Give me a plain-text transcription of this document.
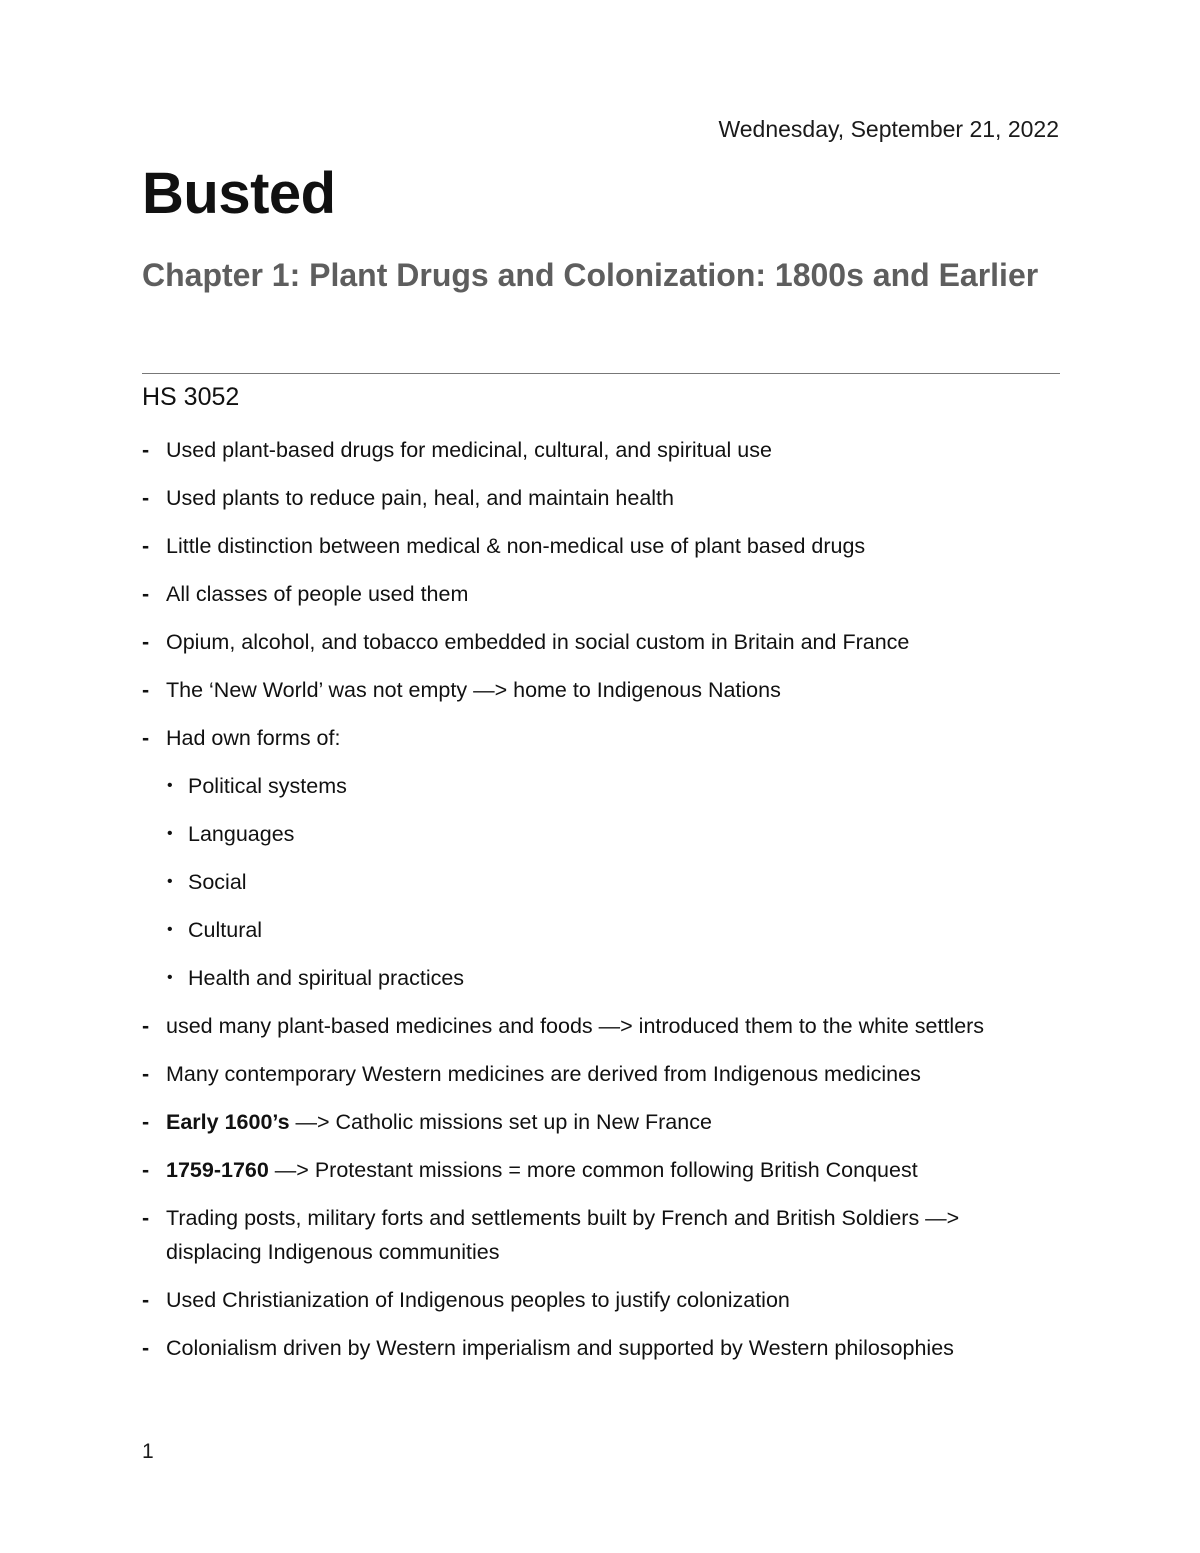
Wednesday, September 21, 2022
Busted
Chapter 1: Plant Drugs and Colonization: 1800s and Earlier
HS 3052
- Used plant-based drugs for medicinal, cultural, and spiritual use
- Used plants to reduce pain, heal, and maintain health
- Little distinction between medical & non-medical use of plant based drugs
- All classes of people used them
- Opium, alcohol, and tobacco embedded in social custom in Britain and France
- The ‘New World’ was not empty —> home to Indigenous Nations
- Had own forms of:
• Political systems
• Languages
• Social
• Cultural
• Health and spiritual practices
- used many plant-based medicines and foods —> introduced them to the white settlers
- Many contemporary Western medicines are derived from Indigenous medicines
- Early 1600’s —> Catholic missions set up in New France
- 1759-1760 —> Protestant missions = more common following British Conquest
- Trading posts, military forts and settlements built by French and British Soldiers —> displacing Indigenous communities
- Used Christianization of Indigenous peoples to justify colonization
- Colonialism driven by Western imperialism and supported by Western philosophies
1
